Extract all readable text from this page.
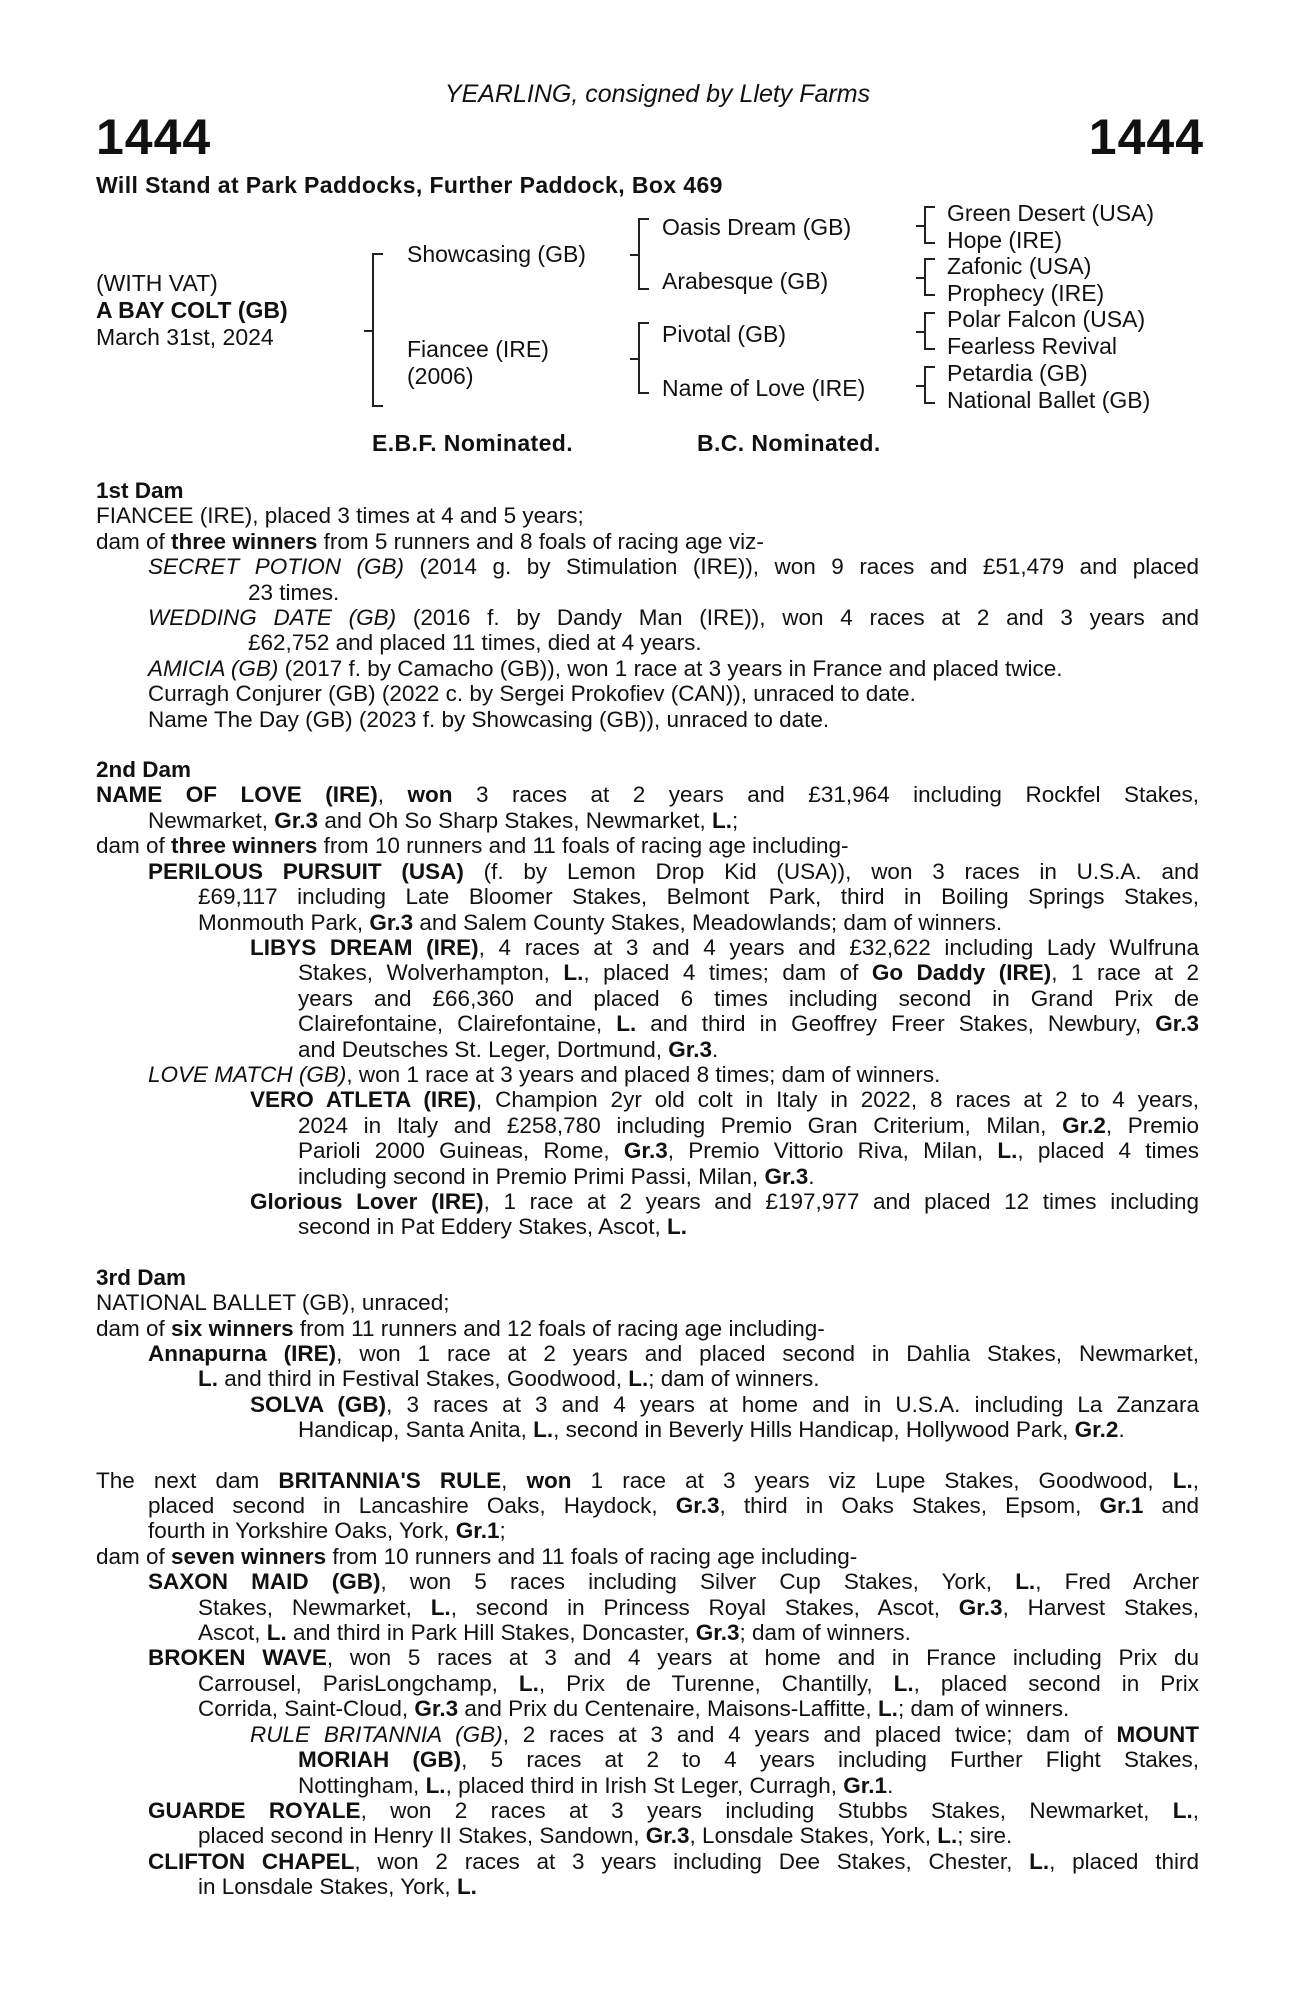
YEARLING, consigned by Llety Farms
1444	1444
Will Stand at Park Paddocks, Further Paddock, Box 469
(WITH VAT)
A BAY COLT (GB)
March 31st, 2024
Showcasing (GB)
Fiancee (IRE)
(2006)
Oasis Dream (GB)
Arabesque (GB)
Pivotal (GB)
Name of Love (IRE)
Green Desert (USA)
Hope (IRE)
Zafonic (USA)
Prophecy (IRE)
Polar Falcon (USA)
Fearless Revival
Petardia (GB)
National Ballet (GB)
E.B.F. Nominated.	B.C. Nominated.
1st Dam
FIANCEE (IRE), placed 3 times at 4 and 5 years;
dam of three winners from 5 runners and 8 foals of racing age viz-
SECRET POTION (GB) (2014 g. by Stimulation (IRE)), won 9 races and £51,479 and placed
23 times.
WEDDING DATE (GB) (2016 f. by Dandy Man (IRE)), won 4 races at 2 and 3 years and
£62,752 and placed 11 times, died at 4 years.
AMICIA (GB) (2017 f. by Camacho (GB)), won 1 race at 3 years in France and placed twice.
Curragh Conjurer (GB) (2022 c. by Sergei Prokofiev (CAN)), unraced to date.
Name The Day (GB) (2023 f. by Showcasing (GB)), unraced to date.
2nd Dam
NAME OF LOVE (IRE), won 3 races at 2 years and £31,964 including Rockfel Stakes,
Newmarket, Gr.3 and Oh So Sharp Stakes, Newmarket, L.;
dam of three winners from 10 runners and 11 foals of racing age including-
PERILOUS PURSUIT (USA) (f. by Lemon Drop Kid (USA)), won 3 races in U.S.A. and
£69,117 including Late Bloomer Stakes, Belmont Park, third in Boiling Springs Stakes,
Monmouth Park, Gr.3 and Salem County Stakes, Meadowlands; dam of winners.
LIBYS DREAM (IRE), 4 races at 3 and 4 years and £32,622 including Lady Wulfruna
Stakes, Wolverhampton, L., placed 4 times; dam of Go Daddy (IRE), 1 race at 2
years and £66,360 and placed 6 times including second in Grand Prix de
Clairefontaine, Clairefontaine, L. and third in Geoffrey Freer Stakes, Newbury, Gr.3
and Deutsches St. Leger, Dortmund, Gr.3.
LOVE MATCH (GB), won 1 race at 3 years and placed 8 times; dam of winners.
VERO ATLETA (IRE), Champion 2yr old colt in Italy in 2022, 8 races at 2 to 4 years,
2024 in Italy and £258,780 including Premio Gran Criterium, Milan, Gr.2, Premio
Parioli 2000 Guineas, Rome, Gr.3, Premio Vittorio Riva, Milan, L., placed 4 times
including second in Premio Primi Passi, Milan, Gr.3.
Glorious Lover (IRE), 1 race at 2 years and £197,977 and placed 12 times including
second in Pat Eddery Stakes, Ascot, L.
3rd Dam
NATIONAL BALLET (GB), unraced;
dam of six winners from 11 runners and 12 foals of racing age including-
Annapurna (IRE), won 1 race at 2 years and placed second in Dahlia Stakes, Newmarket,
L. and third in Festival Stakes, Goodwood, L.; dam of winners.
SOLVA (GB), 3 races at 3 and 4 years at home and in U.S.A. including La Zanzara
Handicap, Santa Anita, L., second in Beverly Hills Handicap, Hollywood Park, Gr.2.
The next dam BRITANNIA'S RULE, won 1 race at 3 years viz Lupe Stakes, Goodwood, L.,
placed second in Lancashire Oaks, Haydock, Gr.3, third in Oaks Stakes, Epsom, Gr.1 and
fourth in Yorkshire Oaks, York, Gr.1;
dam of seven winners from 10 runners and 11 foals of racing age including-
SAXON MAID (GB), won 5 races including Silver Cup Stakes, York, L., Fred Archer
Stakes, Newmarket, L., second in Princess Royal Stakes, Ascot, Gr.3, Harvest Stakes,
Ascot, L. and third in Park Hill Stakes, Doncaster, Gr.3; dam of winners.
BROKEN WAVE, won 5 races at 3 and 4 years at home and in France including Prix du
Carrousel, ParisLongchamp, L., Prix de Turenne, Chantilly, L., placed second in Prix
Corrida, Saint-Cloud, Gr.3 and Prix du Centenaire, Maisons-Laffitte, L.; dam of winners.
RULE BRITANNIA (GB), 2 races at 3 and 4 years and placed twice; dam of MOUNT
MORIAH (GB), 5 races at 2 to 4 years including Further Flight Stakes,
Nottingham, L., placed third in Irish St Leger, Curragh, Gr.1.
GUARDE ROYALE, won 2 races at 3 years including Stubbs Stakes, Newmarket, L.,
placed second in Henry II Stakes, Sandown, Gr.3, Lonsdale Stakes, York, L.; sire.
CLIFTON CHAPEL, won 2 races at 3 years including Dee Stakes, Chester, L., placed third
in Lonsdale Stakes, York, L.
